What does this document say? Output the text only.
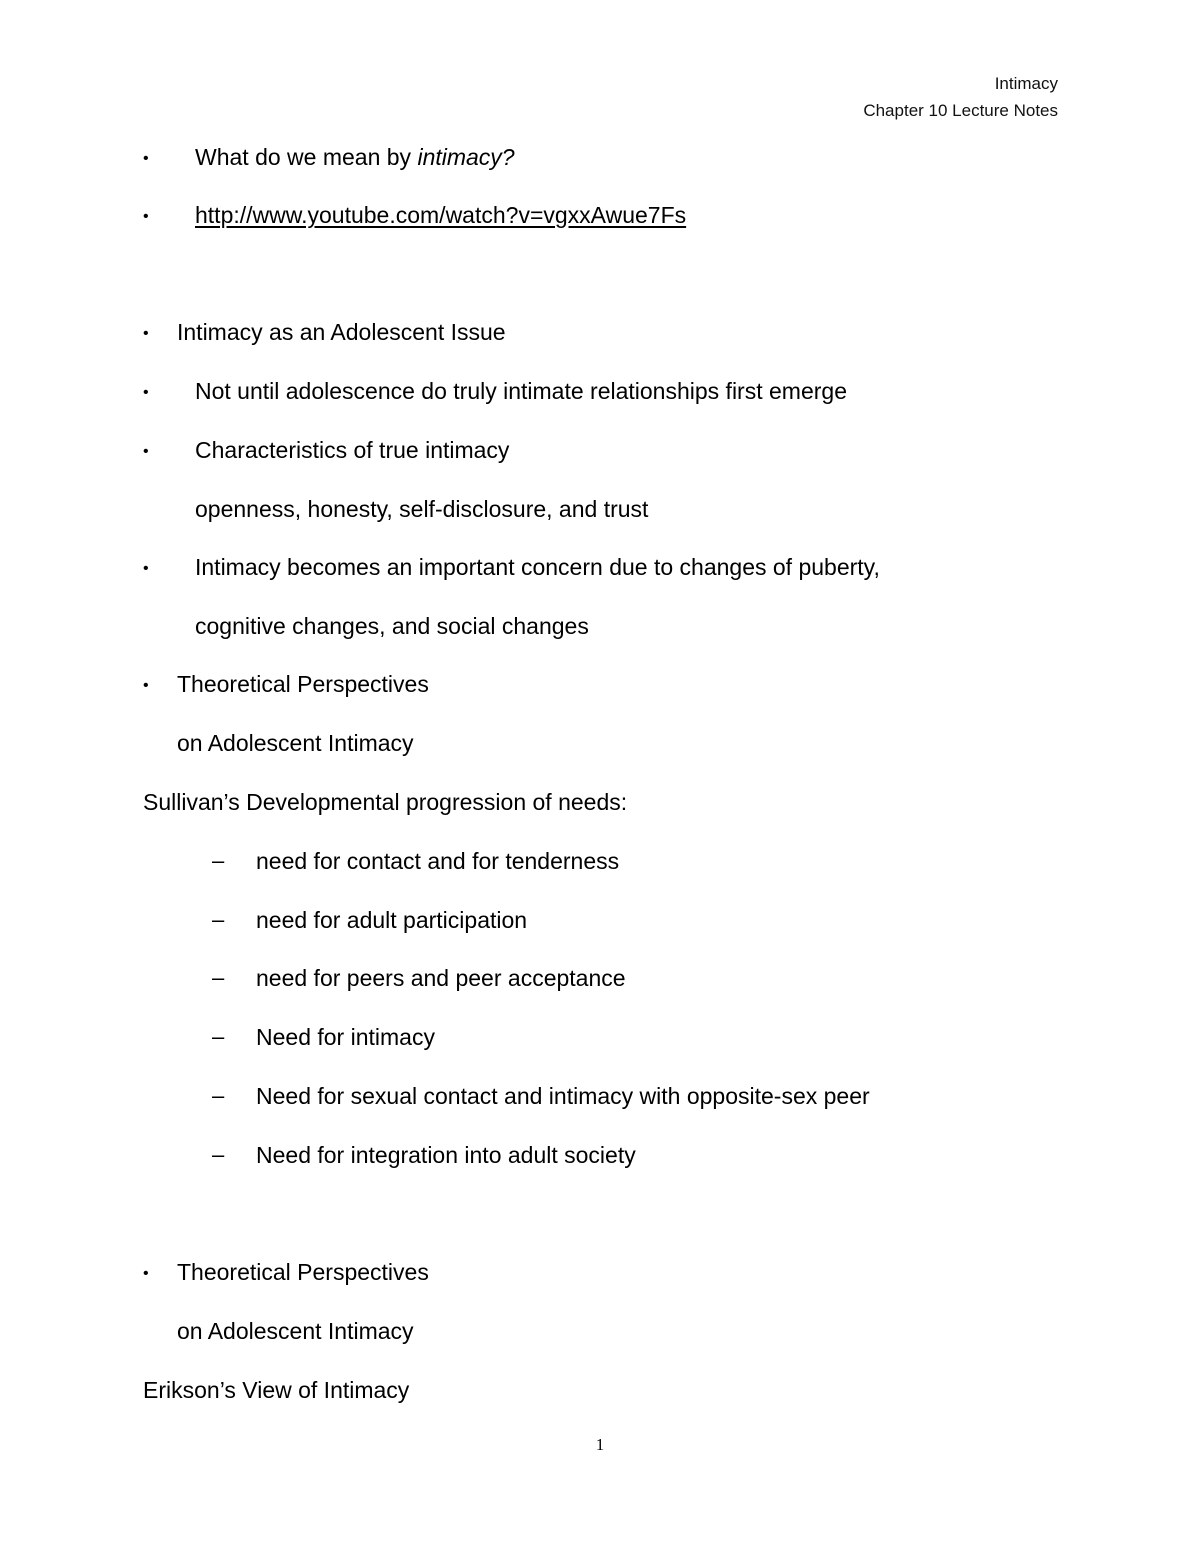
Intimacy
Chapter 10 Lecture Notes
• What do we mean by intimacy?
• http://www.youtube.com/watch?v=vgxxAwue7Fs
• Intimacy as an Adolescent Issue
• Not until adolescence do truly intimate relationships first emerge
• Characteristics of true intimacy
openness, honesty, self-disclosure, and trust
• Intimacy becomes an important concern due to changes of puberty,
cognitive changes, and social changes
• Theoretical Perspectives
on Adolescent Intimacy
Sullivan’s Developmental progression of needs:
– need for contact and for tenderness
– need for adult participation
– need for peers and peer acceptance
– Need for intimacy
– Need for sexual contact and intimacy with opposite-sex peer
– Need for integration into adult society
• Theoretical Perspectives
on Adolescent Intimacy
Erikson’s View of Intimacy
1
